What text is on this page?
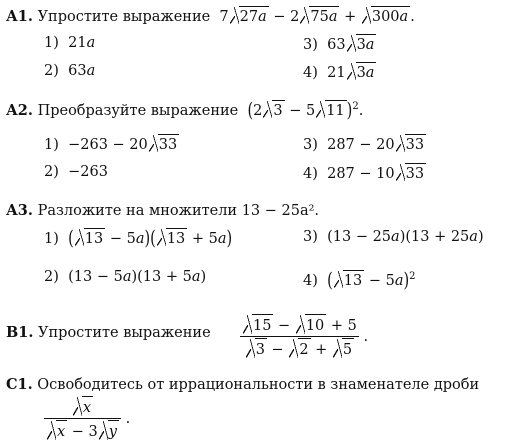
А1. Упростите выражение  7 27a − 2 75a + 300a .
1)  21a
2)  63a
3)  63 3a
4)  21 3a
А2. Преобразуйте выражение (2 3 − 5 11 )$^2$.
1)  −263 − 20 33
2)  −263
3)  287 − 20 33
4)  287 − 10 33
А3. Разложите на множители 13 − 25a².
1) ( 13 − 5a)( 13 + 5a)
2)  (13 − 5a)(13 + 5a)
3)  (13 − 25a)(13 + 25a)
4) ( 13 − 5a)$^2$
В1. Упростите выражение $\frac{15 - 10 + 5}{3 - 2 + 5}$ .
С1. Освободитесь от иррациональности в знаменателе дроби
$\frac{x}{x - 3 y}$ .
